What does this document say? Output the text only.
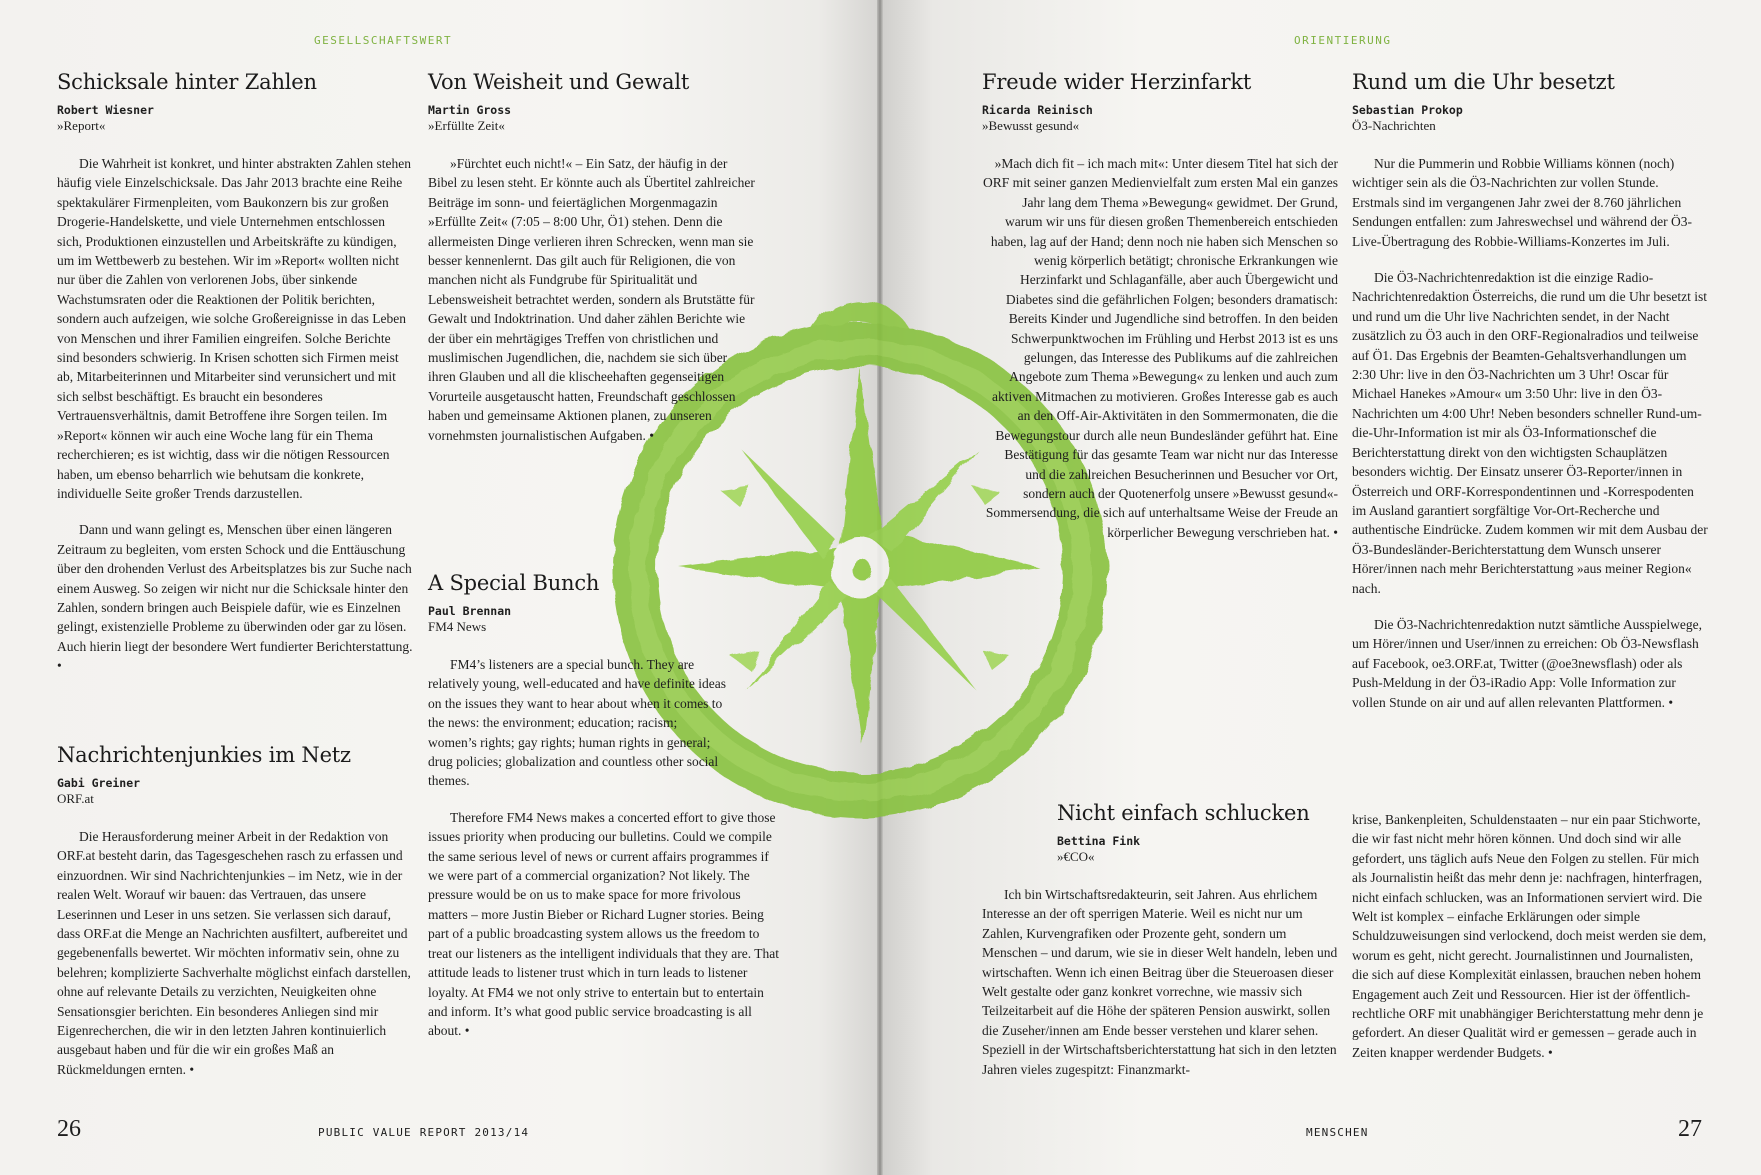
GESELLSCHAFTSWERT	ORIENTIERUNG
Schicksale hinter Zahlen
Robert Wiesner
»Report«

Die Wahrheit ist konkret, und hinter abstrakten Zahlen stehen häufig viele Einzelschicksale. Das Jahr 2013 brachte eine Reihe spektakulärer Firmenpleiten, vom Baukonzern bis zur großen Drogerie-Handelskette, und viele Unternehmen entschlossen sich, Produktionen einzustellen und Arbeitskräfte zu kündigen, um im Wettbewerb zu bestehen. Wir im »Report« wollten nicht nur über die Zahlen von verlorenen Jobs, über sinkende Wachstumsraten oder die Reaktionen der Politik berichten, sondern auch aufzeigen, wie solche Großereignisse in das Leben von Menschen und ihrer Familien eingreifen. Solche Berichte sind besonders schwierig. In Krisen schotten sich Firmen meist ab, Mitarbeiterinnen und Mitarbeiter sind verunsichert und mit sich selbst beschäftigt. Es braucht ein besonderes Vertrauensverhältnis, damit Betroffene ihre Sorgen teilen. Im »Report« können wir auch eine Woche lang für ein Thema recherchieren; es ist wichtig, dass wir die nötigen Ressourcen haben, um ebenso beharrlich wie behutsam die konkrete, individuelle Seite großer Trends darzustellen.

Dann und wann gelingt es, Menschen über einen längeren Zeitraum zu begleiten, vom ersten Schock und die Enttäuschung über den drohenden Verlust des Arbeitsplatzes bis zur Suche nach einem Ausweg. So zeigen wir nicht nur die Schicksale hinter den Zahlen, sondern bringen auch Beispiele dafür, wie es Einzelnen gelingt, existenzielle Probleme zu überwinden oder gar zu lösen. Auch hierin liegt der besondere Wert fundierter Berichterstattung. •

Nachrichtenjunkies im Netz
Gabi Greiner
ORF.at

Die Herausforderung meiner Arbeit in der Redaktion von ORF.at besteht darin, das Tagesgeschehen rasch zu erfassen und einzuordnen. Wir sind Nachrichtenjunkies – im Netz, wie in der realen Welt. Worauf wir bauen: das Vertrauen, das unsere Leserinnen und Leser in uns setzen. Sie verlassen sich darauf, dass ORF.at die Menge an Nachrichten ausfiltert, aufbereitet und gegebenenfalls bewertet. Wir möchten informativ sein, ohne zu belehren; komplizierte Sachverhalte möglichst einfach darstellen, ohne auf relevante Details zu verzichten, Neuigkeiten ohne Sensationsgier berichten. Ein besonderes Anliegen sind mir Eigenrecherchen, die wir in den letzten Jahren kontinuierlich ausgebaut haben und für die wir ein großes Maß an Rückmeldungen ernten. •

Von Weisheit und Gewalt
Martin Gross
»Erfüllte Zeit«

»Fürchtet euch nicht!« – Ein Satz, der häufig in der Bibel zu lesen steht. Er könnte auch als Übertitel zahlreicher Beiträge im sonn- und feiertäglichen Morgenmagazin »Erfüllte Zeit« (7:05 – 8:00 Uhr, Ö1) stehen. Denn die allermeisten Dinge verlieren ihren Schrecken, wenn man sie besser kennenlernt. Das gilt auch für Religionen, die von manchen nicht als Fundgrube für Spiritualität und Lebensweisheit betrachtet werden, sondern als Brutstätte für Gewalt und Indoktrination. Und daher zählen Berichte wie der über ein mehrtägiges Treffen von christlichen und muslimischen Jugendlichen, die, nachdem sie sich über ihren Glauben und all die klischeehaften gegenseitigen Vorurteile ausgetauscht hatten, Freundschaft geschlossen haben und gemeinsame Aktionen planen, zu unseren vornehmsten journalistischen Aufgaben. •

A Special Bunch
Paul Brennan
FM4 News

FM4’s listeners are a special bunch. They are relatively young, well-educated and have definite ideas on the issues they want to hear about when it comes to the news: the environment; education; racism; women’s rights; gay rights; human rights in general; drug policies; globalization and countless other social themes.

Therefore FM4 News makes a concerted effort to give those issues priority when producing our bulletins. Could we compile the same serious level of news or current affairs programmes if we were part of a commercial organization? Not likely. The pressure would be on us to make space for more frivolous matters – more Justin Bieber or Richard Lugner stories. Being part of a public broadcasting system allows us the freedom to treat our listeners as the intelligent individuals that they are. That attitude leads to listener trust which in turn leads to listener loyalty. At FM4 we not only strive to entertain but to entertain and inform. It’s what good public service broadcasting is all about. •

Freude wider Herzinfarkt
Ricarda Reinisch
»Bewusst gesund«

»Mach dich fit – ich mach mit«: Unter diesem Titel hat sich der ORF mit seiner ganzen Medienvielfalt zum ersten Mal ein ganzes Jahr lang dem Thema »Bewegung« gewidmet. Der Grund, warum wir uns für diesen großen Themenbereich entschieden haben, lag auf der Hand; denn noch nie haben sich Menschen so wenig körperlich betätigt; chronische Erkrankungen wie Herzinfarkt und Schlaganfälle, aber auch Übergewicht und Diabetes sind die gefährlichen Folgen; besonders dramatisch: Bereits Kinder und Jugendliche sind betroffen. In den beiden Schwerpunktwochen im Frühling und Herbst 2013 ist es uns gelungen, das Interesse des Publikums auf die zahlreichen Angebote zum Thema »Bewegung« zu lenken und auch zum aktiven Mitmachen zu motivieren. Großes Interesse gab es auch an den Off-Air-Aktivitäten in den Sommermonaten, die die Bewegungstour durch alle neun Bundesländer geführt hat. Eine Bestätigung für das gesamte Team war nicht nur das Interesse und die zahlreichen Besucherinnen und Besucher vor Ort, sondern auch der Quotenerfolg unsere »Bewusst gesund«-Sommersendung, die sich auf unterhaltsame Weise der Freude an körperlicher Bewegung verschrieben hat. •

Nicht einfach schlucken
Bettina Fink
»€CO«

Ich bin Wirtschaftsredakteurin, seit Jahren. Aus ehrlichem Interesse an der oft sperrigen Materie. Weil es nicht nur um Zahlen, Kurvengrafiken oder Prozente geht, sondern um Menschen – und darum, wie sie in dieser Welt handeln, leben und wirtschaften. Wenn ich einen Beitrag über die Steueroasen dieser Welt gestalte oder ganz konkret vorrechne, wie massiv sich Teilzeitarbeit auf die Höhe der späteren Pension auswirkt, sollen die Zuseher/innen am Ende besser verstehen und klarer sehen. Speziell in der Wirtschaftsberichterstattung hat sich in den letzten Jahren vieles zugespitzt: Finanzmarkt-

Rund um die Uhr besetzt
Sebastian Prokop
Ö3-Nachrichten

Nur die Pummerin und Robbie Williams können (noch) wichtiger sein als die Ö3-Nachrichten zur vollen Stunde. Erstmals sind im vergangenen Jahr zwei der 8.760 jährlichen Sendungen entfallen: zum Jahreswechsel und während der Ö3-Live-Übertragung des Robbie-Williams-Konzertes im Juli.

Die Ö3-Nachrichtenredaktion ist die einzige Radio-Nachrichtenredaktion Österreichs, die rund um die Uhr besetzt ist und rund um die Uhr live Nachrichten sendet, in der Nacht zusätzlich zu Ö3 auch in den ORF-Regionalradios und teilweise auf Ö1. Das Ergebnis der Beamten-Gehaltsverhandlungen um 2:30 Uhr: live in den Ö3-Nachrichten um 3 Uhr! Oscar für Michael Hanekes »Amour« um 3:50 Uhr: live in den Ö3-Nachrichten um 4:00 Uhr! Neben besonders schneller Rund-um-die-Uhr-Information ist mir als Ö3-Informationschef die Berichterstattung direkt von den wichtigsten Schauplätzen besonders wichtig. Der Einsatz unserer Ö3-Reporter/innen in Österreich und ORF-Korrespondentinnen und -Korrespodenten im Ausland garantiert sorgfältige Vor-Ort-Recherche und authentische Eindrücke. Zudem kommen wir mit dem Ausbau der Ö3-Bundesländer-Berichterstattung dem Wunsch unserer Hörer/innen nach mehr Berichterstattung »aus meiner Region« nach.

Die Ö3-Nachrichtenredaktion nutzt sämtliche Ausspielwege, um Hörer/innen und User/innen zu erreichen: Ob Ö3-Newsflash auf Facebook, oe3.ORF.at, Twitter (@oe3newsflash) oder als Push-Meldung in der Ö3-iRadio App: Volle Information zur vollen Stunde on air und auf allen relevanten Plattformen. •

krise, Bankenpleiten, Schuldenstaaten – nur ein paar Stichworte, die wir fast nicht mehr hören können. Und doch sind wir alle gefordert, uns täglich aufs Neue den Folgen zu stellen. Für mich als Journalistin heißt das mehr denn je: nachfragen, hinterfragen, nicht einfach schlucken, was an Informationen serviert wird. Die Welt ist komplex – einfache Erklärungen oder simple Schuldzuweisungen sind verlockend, doch meist werden sie dem, worum es geht, nicht gerecht. Journalistinnen und Journalisten, die sich auf diese Komplexität einlassen, brauchen neben hohem Engagement auch Zeit und Ressourcen. Hier ist der öffentlich-rechtliche ORF mit unabhängiger Berichterstattung mehr denn je gefordert. An dieser Qualität wird er gemessen – gerade auch in Zeiten knapper werdender Budgets. •

26	PUBLIC VALUE REPORT 2013/14	MENSCHEN	27
